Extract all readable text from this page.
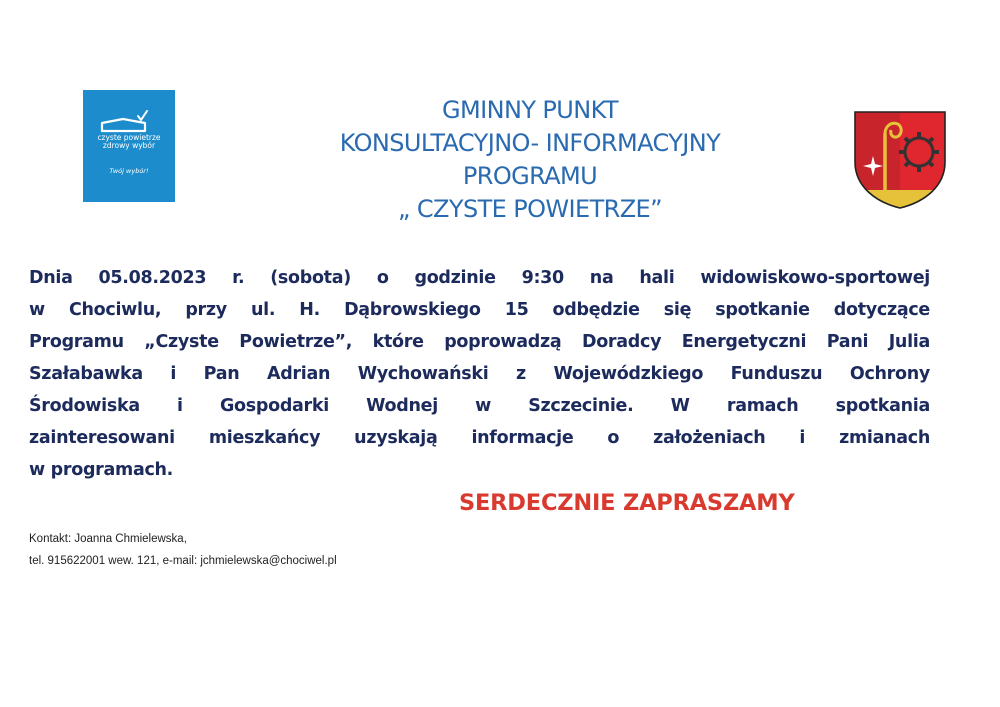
czyste powietrze
zdrowy wybór
Twój wybór!
GMINNY PUNKT
KONSULTACYJNO- INFORMACYJNY
PROGRAMU
„ CZYSTE POWIETRZE”
Dnia 05.08.2023 r. (sobota) o godzinie 9:30 na hali widowiskowo-sportowej
w Chociwlu, przy ul. H. Dąbrowskiego 15 odbędzie się spotkanie dotyczące
Programu „Czyste Powietrze”, które poprowadzą Doradcy Energetyczni Pani Julia
Szałabawka i Pan Adrian Wychowański z Wojewódzkiego Funduszu Ochrony
Środowiska i Gospodarki Wodnej w Szczecinie. W ramach spotkania
zainteresowani mieszkańcy uzyskają informacje o założeniach i zmianach
w programach.
SERDECZNIE ZAPRASZAMY
Kontakt: Joanna Chmielewska,
tel. 915622001 wew. 121, e-mail: jchmielewska@chociwel.pl
